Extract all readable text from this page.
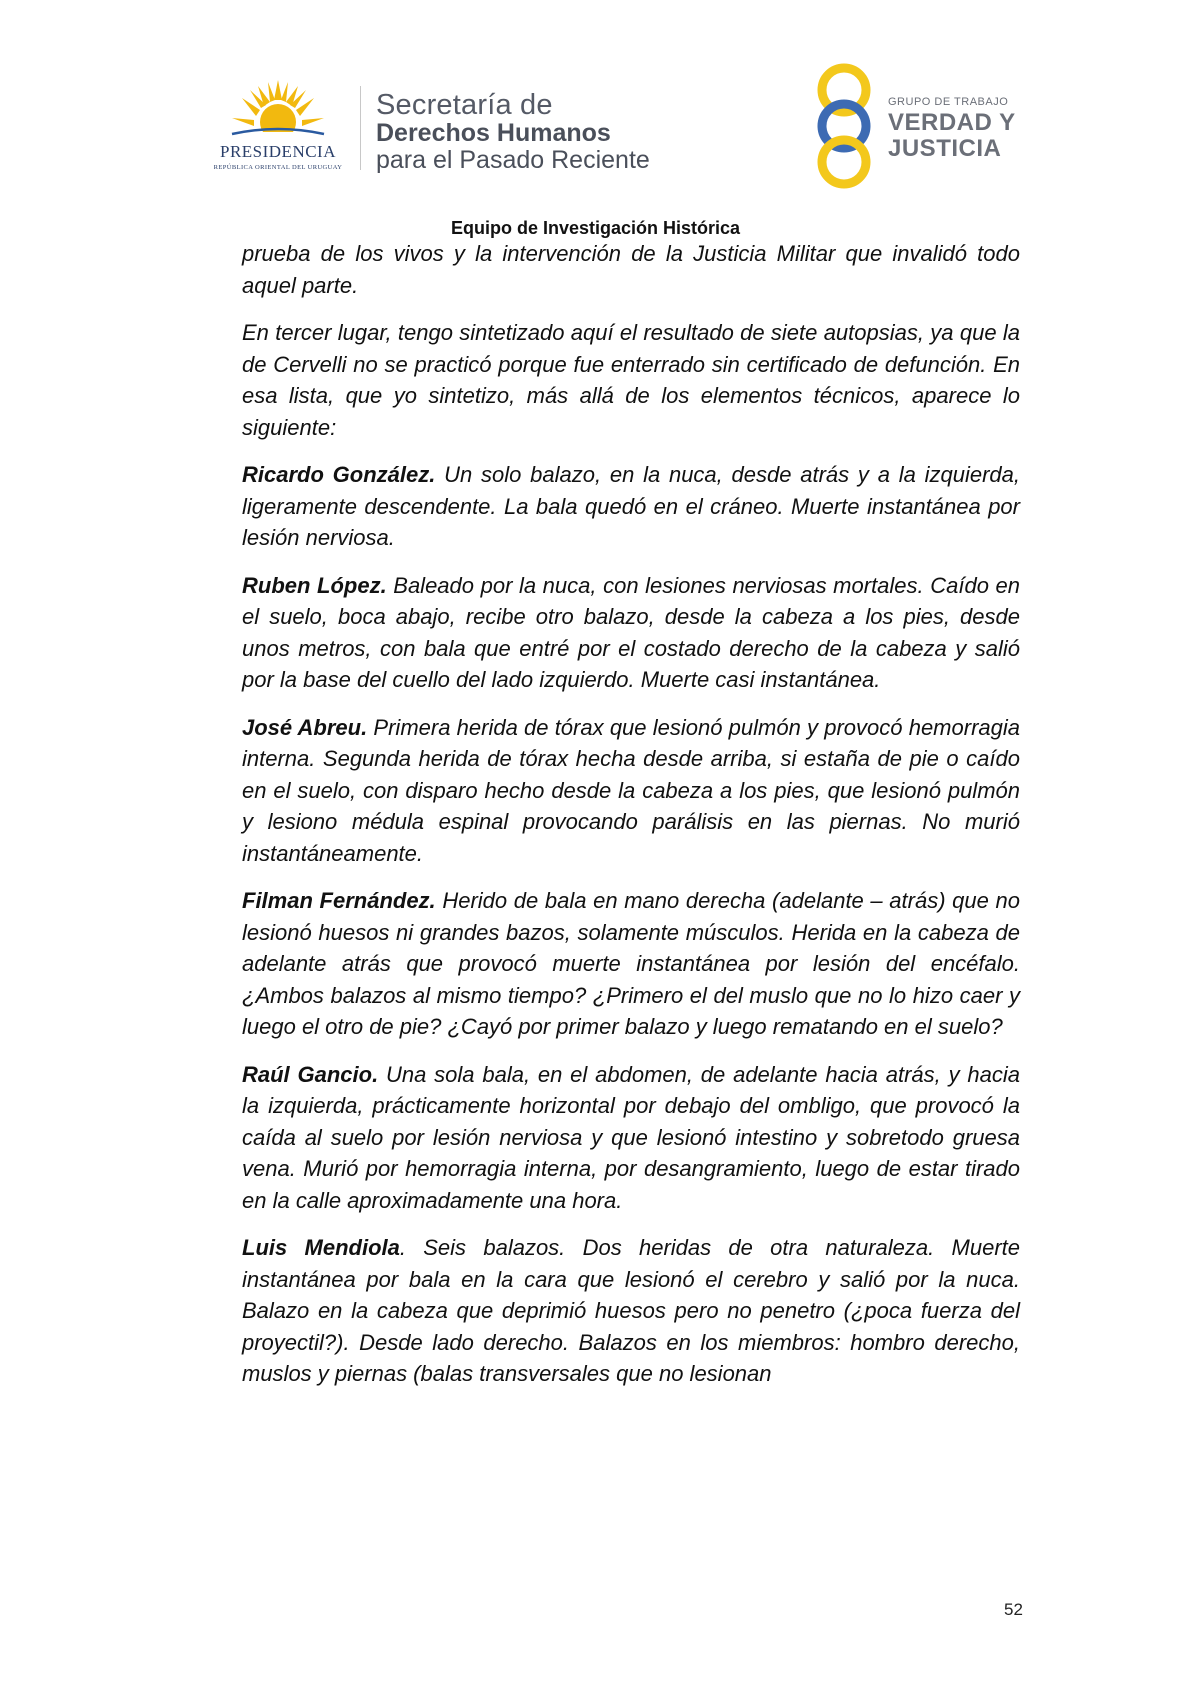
PRESIDENCIA
REPÚBLICA ORIENTAL DEL URUGUAY
Secretaría de
Derechos Humanos
para el Pasado Reciente
GRUPO DE TRABAJO
VERDAD Y
JUSTICIA
Equipo de Investigación Histórica

prueba de los vivos y la intervención de la Justicia Militar que invalidó todo aquel parte.

En tercer lugar, tengo sintetizado aquí el resultado de siete autopsias, ya que la de Cervelli no se practicó porque fue enterrado sin certificado de defunción. En esa lista, que yo sintetizo, más allá de los elementos técnicos, aparece lo siguiente:

Ricardo González. Un solo balazo, en la nuca, desde atrás y a la izquierda, ligeramente descendente. La bala quedó en el cráneo. Muerte instantánea por lesión nerviosa.

Ruben López. Baleado por la nuca, con lesiones nerviosas mortales. Caído en el suelo, boca abajo, recibe otro balazo, desde la cabeza a los pies, desde unos metros, con bala que entré por el costado derecho de la cabeza y salió por la base del cuello del lado izquierdo. Muerte casi instantánea.

José Abreu. Primera herida de tórax que lesionó pulmón y provocó hemorragia interna. Segunda herida de tórax hecha desde arriba, si estaña de pie o caído en el suelo, con disparo hecho desde la cabeza a los pies, que lesionó pulmón y lesiono médula espinal provocando parálisis en las piernas. No murió instantáneamente.

Filman Fernández. Herido de bala en mano derecha (adelante – atrás) que no lesionó huesos ni grandes bazos, solamente músculos. Herida en la cabeza de adelante atrás que provocó muerte instantánea por lesión del encéfalo. ¿Ambos balazos al mismo tiempo? ¿Primero el del muslo que no lo hizo caer y luego el otro de pie? ¿Cayó por primer balazo y luego rematando en el suelo?

Raúl Gancio. Una sola bala, en el abdomen, de adelante hacia atrás, y hacia la izquierda, prácticamente horizontal por debajo del ombligo, que provocó la caída al suelo por lesión nerviosa y que lesionó intestino y sobretodo gruesa vena. Murió por hemorragia interna, por desangramiento, luego de estar tirado en la calle aproximadamente una hora.

Luis Mendiola. Seis balazos. Dos heridas de otra naturaleza. Muerte instantánea por bala en la cara que lesionó el cerebro y salió por la nuca. Balazo en la cabeza que deprimió huesos pero no penetro (¿poca fuerza del proyectil?). Desde lado derecho. Balazos en los miembros: hombro derecho, muslos y piernas (balas transversales que no lesionan

52
